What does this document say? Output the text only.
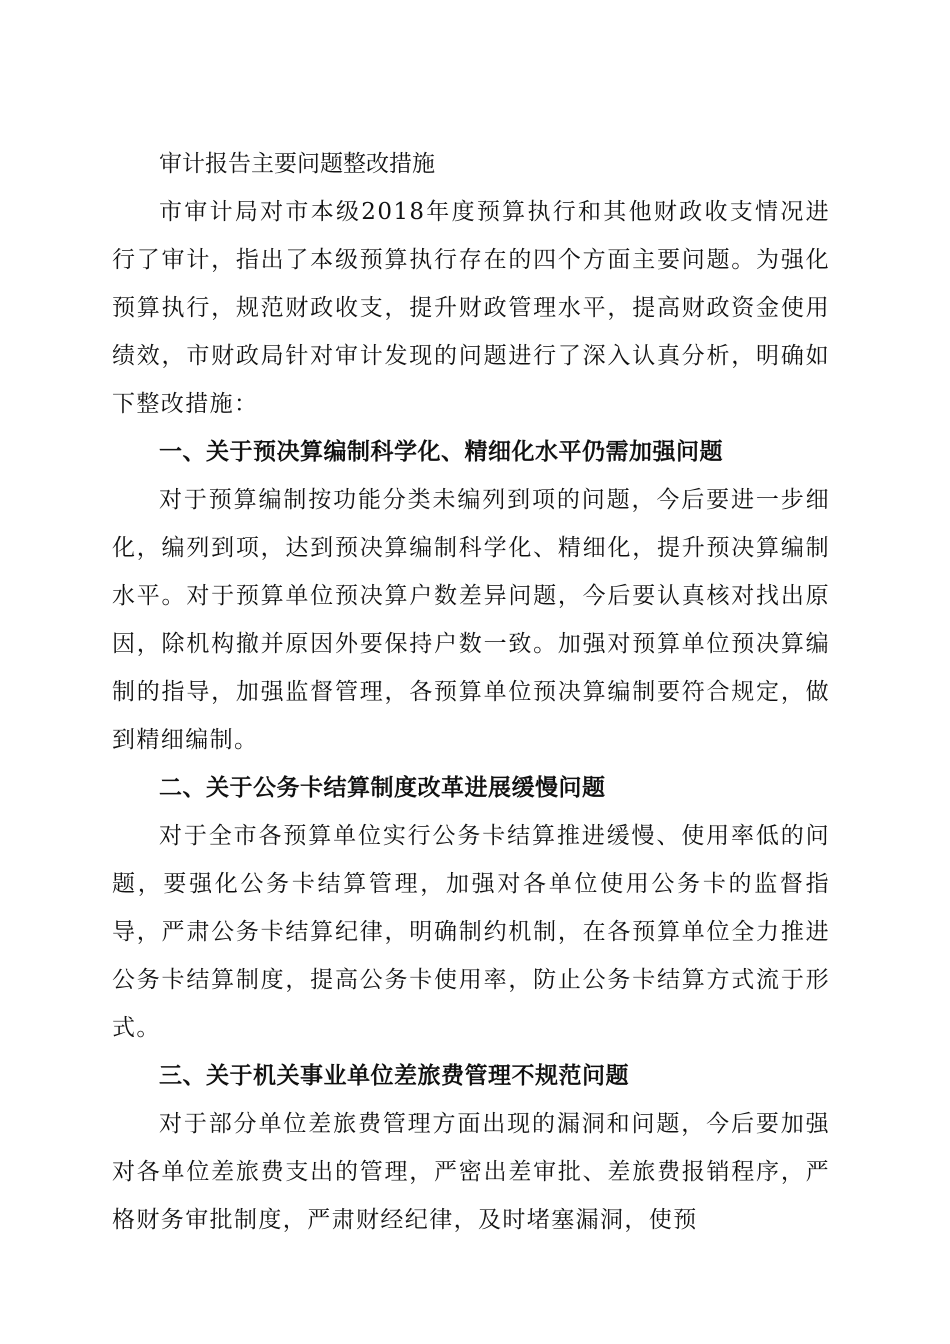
审计报告主要问题整改措施

市审计局对市本级2018年度预算执行和其他财政收支情况进行了审计，指出了本级预算执行存在的四个方面主要问题。为强化预算执行，规范财政收支，提升财政管理水平，提高财政资金使用绩效，市财政局针对审计发现的问题进行了深入认真分析，明确如下整改措施：

一、关于预决算编制科学化、精细化水平仍需加强问题

对于预算编制按功能分类未编列到项的问题，今后要进一步细化，编列到项，达到预决算编制科学化、精细化，提升预决算编制水平。对于预算单位预决算户数差异问题，今后要认真核对找出原因，除机构撤并原因外要保持户数一致。加强对预算单位预决算编制的指导，加强监督管理，各预算单位预决算编制要符合规定，做到精细编制。

二、关于公务卡结算制度改革进展缓慢问题

对于全市各预算单位实行公务卡结算推进缓慢、使用率低的问题，要强化公务卡结算管理，加强对各单位使用公务卡的监督指导，严肃公务卡结算纪律，明确制约机制，在各预算单位全力推进公务卡结算制度，提高公务卡使用率，防止公务卡结算方式流于形式。

三、关于机关事业单位差旅费管理不规范问题

对于部分单位差旅费管理方面出现的漏洞和问题，今后要加强对各单位差旅费支出的管理，严密出差审批、差旅费报销程序，严格财务审批制度，严肃财经纪律，及时堵塞漏洞，使预
